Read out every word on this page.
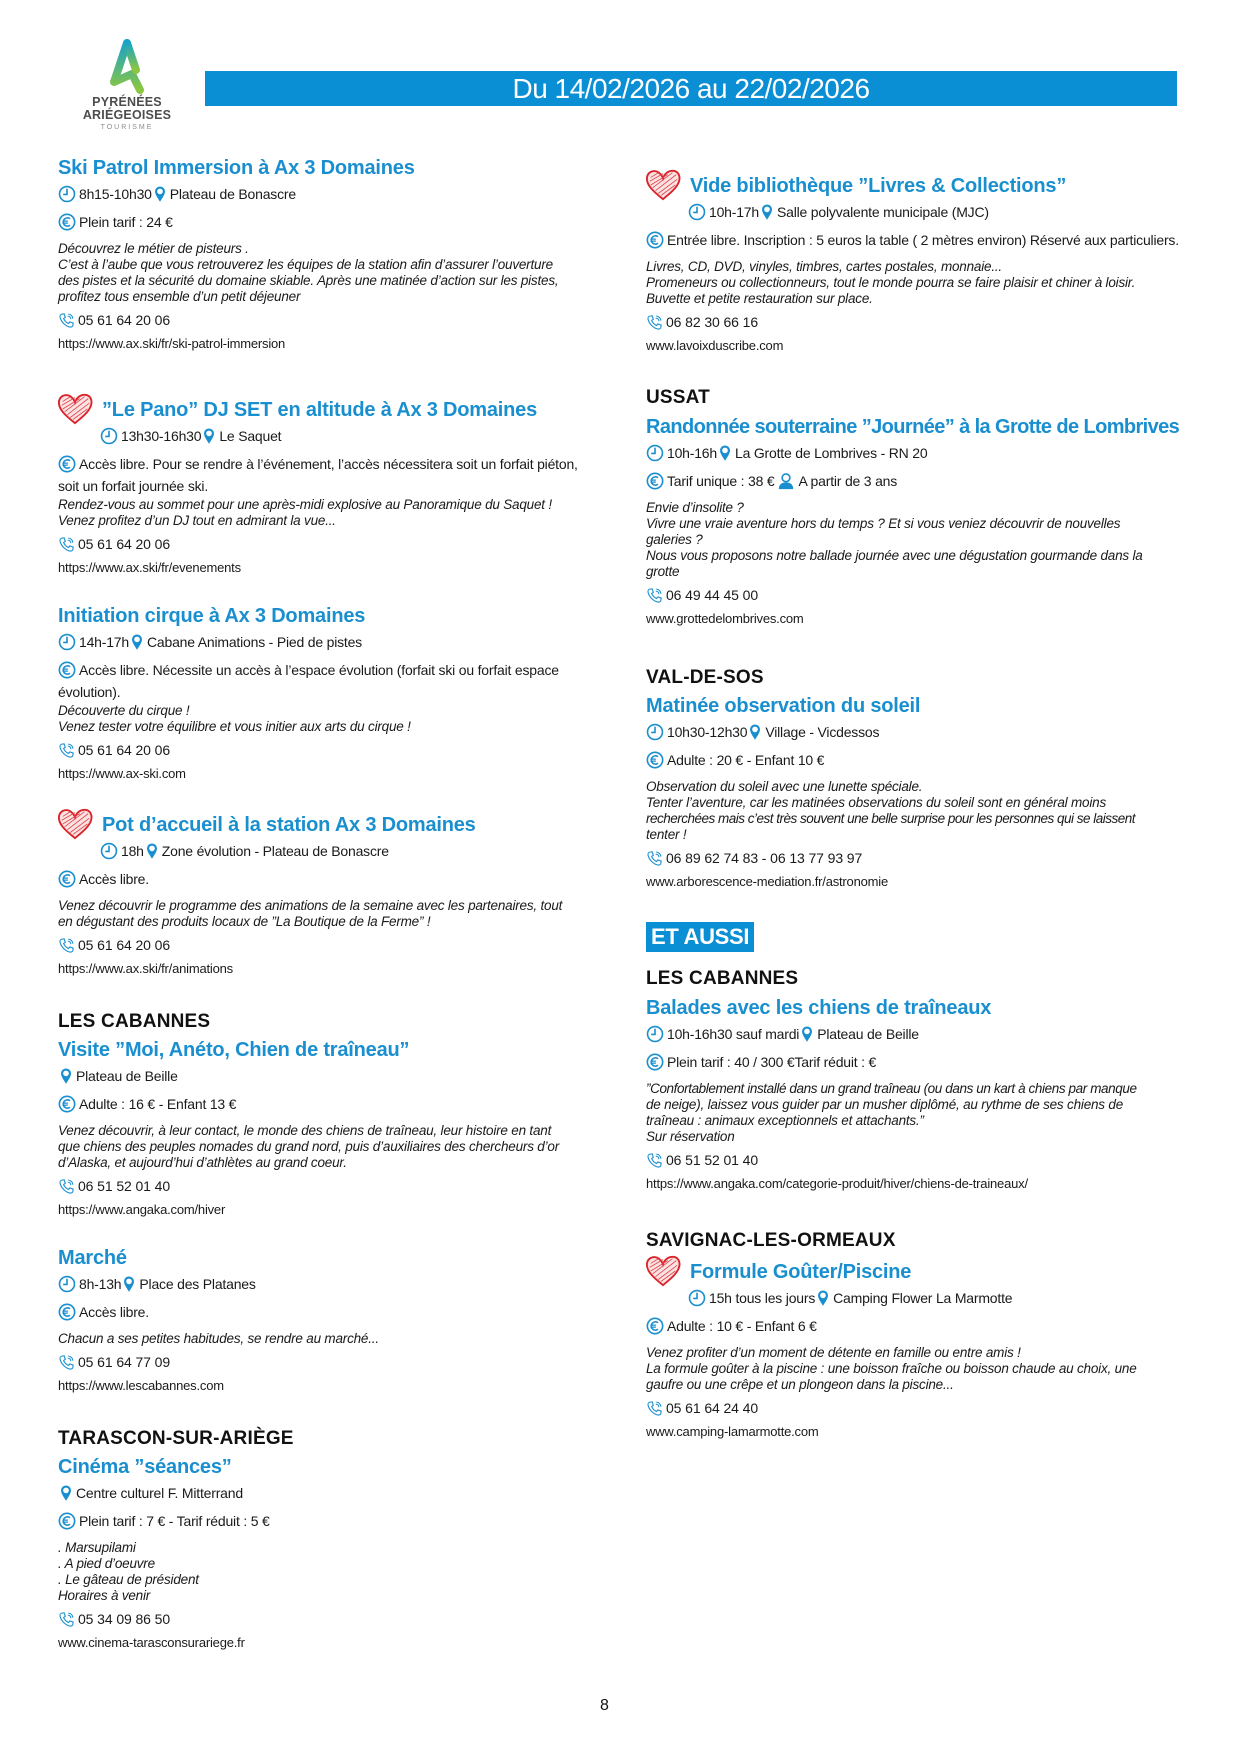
PYRÉNÉES
ARIÉGEOISES
TOURISME
Du 14/02/2026 au 22/02/2026
Ski Patrol Immersion à Ax 3 Domaines
8h15-10h30 Plateau de Bonascre
Plein tarif : 24 €
Découvrez le métier de pisteurs .
C’est à l’aube que vous retrouverez les équipes de la station afin d’assurer l’ouverture
des pistes et la sécurité du domaine skiable. Après une matinée d’action sur les pistes,
profitez tous ensemble d’un petit déjeuner
05 61 64 20 06
https://www.ax.ski/fr/ski-patrol-immersion
”Le Pano” DJ SET en altitude à Ax 3 Domaines
13h30-16h30 Le Saquet
Accès libre. Pour se rendre à l’événement, l’accès nécessitera soit un forfait piéton,
soit un forfait journée ski.
Rendez-vous au sommet pour une après-midi explosive au Panoramique du Saquet !
Venez profitez d’un DJ tout en admirant la vue...
05 61 64 20 06
https://www.ax.ski/fr/evenements
Initiation cirque à Ax 3 Domaines
14h-17h Cabane Animations - Pied de pistes
Accès libre. Nécessite un accès à l’espace évolution (forfait ski ou forfait espace
évolution).
Découverte du cirque !
Venez tester votre équilibre et vous initier aux arts du cirque !
05 61 64 20 06
https://www.ax-ski.com
Pot d’accueil à la station Ax 3 Domaines
18h Zone évolution - Plateau de Bonascre
Accès libre.
Venez découvrir le programme des animations de la semaine avec les partenaires, tout
en dégustant des produits locaux de ”La Boutique de la Ferme” !
05 61 64 20 06
https://www.ax.ski/fr/animations
LES CABANNES
Visite ”Moi, Anéto, Chien de traîneau”
Plateau de Beille
Adulte : 16 € - Enfant 13 €
Venez découvrir, à leur contact, le monde des chiens de traîneau, leur histoire en tant
que chiens des peuples nomades du grand nord, puis d’auxiliaires des chercheurs d’or
d’Alaska, et aujourd’hui d’athlètes au grand coeur.
06 51 52 01 40
https://www.angaka.com/hiver
Marché
8h-13h Place des Platanes
Accès libre.
Chacun a ses petites habitudes, se rendre au marché...
05 61 64 77 09
https://www.lescabannes.com
TARASCON-SUR-ARIÈGE
Cinéma ”séances”
Centre culturel F. Mitterrand
Plein tarif : 7 € - Tarif réduit : 5 €
. Marsupilami
. A pied d’oeuvre
. Le gâteau de président
Horaires à venir
05 34 09 86 50
www.cinema-tarasconsurariege.fr
Vide bibliothèque ”Livres & Collections”
10h-17h Salle polyvalente municipale (MJC)
Entrée libre. Inscription : 5 euros la table ( 2 mètres environ) Réservé aux particuliers.
Livres, CD, DVD, vinyles, timbres, cartes postales, monnaie...
Promeneurs ou collectionneurs, tout le monde pourra se faire plaisir et chiner à loisir.
Buvette et petite restauration sur place.
06 82 30 66 16
www.lavoixduscribe.com
USSAT
Randonnée souterraine ”Journée” à la Grotte de Lombrives
10h-16h La Grotte de Lombrives - RN 20
Tarif unique : 38 € A partir de 3 ans
Envie d’insolite ?
Vivre une vraie aventure hors du temps ? Et si vous veniez découvrir de nouvelles
galeries ?
Nous vous proposons notre ballade journée avec une dégustation gourmande dans la
grotte
06 49 44 45 00
www.grottedelombrives.com
VAL-DE-SOS
Matinée observation du soleil
10h30-12h30 Village - Vicdessos
Adulte : 20 € - Enfant 10 €
Observation du soleil avec une lunette spéciale.
Tenter l’aventure, car les matinées observations du soleil sont en général moins
recherchées mais c’est très souvent une belle surprise pour les personnes qui se laissent
tenter !
06 89 62 74 83 - 06 13 77 93 97
www.arborescence-mediation.fr/astronomie
ET AUSSI
LES CABANNES
Balades avec les chiens de traîneaux
10h-16h30 sauf mardi Plateau de Beille
Plein tarif : 40 / 300 €Tarif réduit : €
”Confortablement installé dans un grand traîneau (ou dans un kart à chiens par manque
de neige), laissez vous guider par un musher diplômé, au rythme de ses chiens de
traîneau : animaux exceptionnels et attachants.”
Sur réservation
06 51 52 01 40
https://www.angaka.com/categorie-produit/hiver/chiens-de-traineaux/
SAVIGNAC-LES-ORMEAUX
Formule Goûter/Piscine
15h tous les jours Camping Flower La Marmotte
Adulte : 10 € - Enfant 6 €
Venez profiter d’un moment de détente en famille ou entre amis !
La formule goûter à la piscine : une boisson fraîche ou boisson chaude au choix, une
gaufre ou une crêpe et un plongeon dans la piscine...
05 61 64 24 40
www.camping-lamarmotte.com
8
